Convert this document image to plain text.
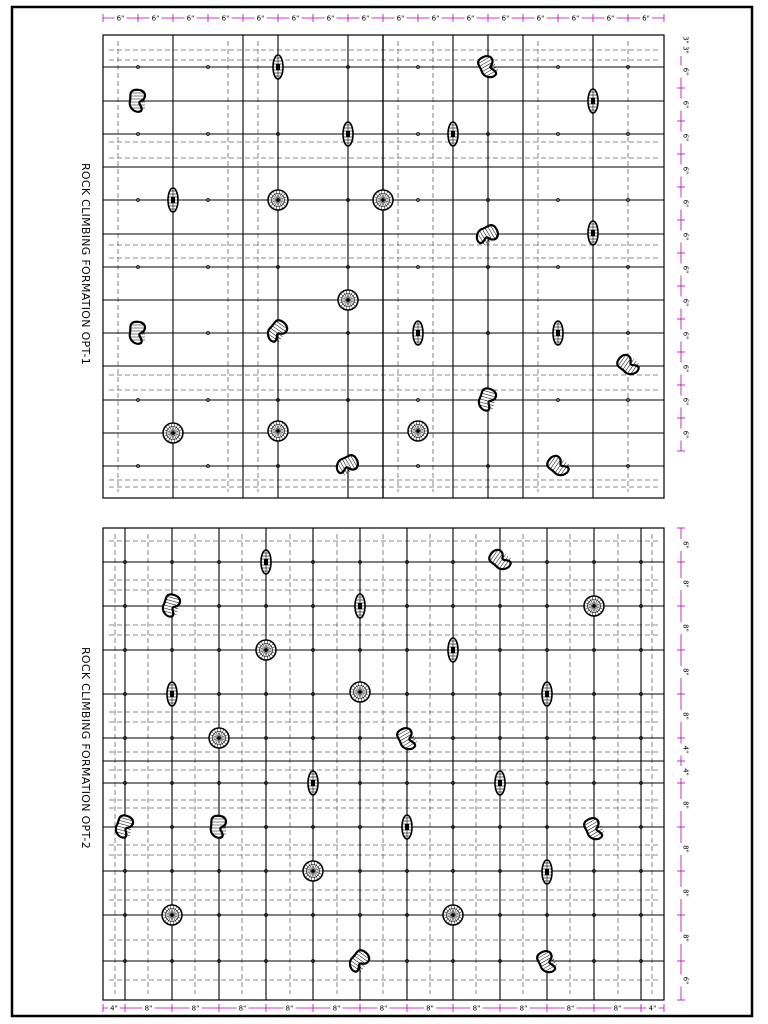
6"	6"	6"	6"	6"	6"	6"	6"	6"	6"	6"	6"	6"	6"	6"	6"
3"
3"
6"
6"
6"
6"
6"
6"
6"
6"
6"
6"
6"
6"
ROCK CLIMBING FORMATION OPT-1
4"	8"	8"	8"	8"	8"	8"	8"	8"	8"	8"	8"	4"
6"
8"
8"
8"
8"
4"
4"
8"
8"
8"
8"
6"
ROCK CLIMBING FORMATION OPT-2
